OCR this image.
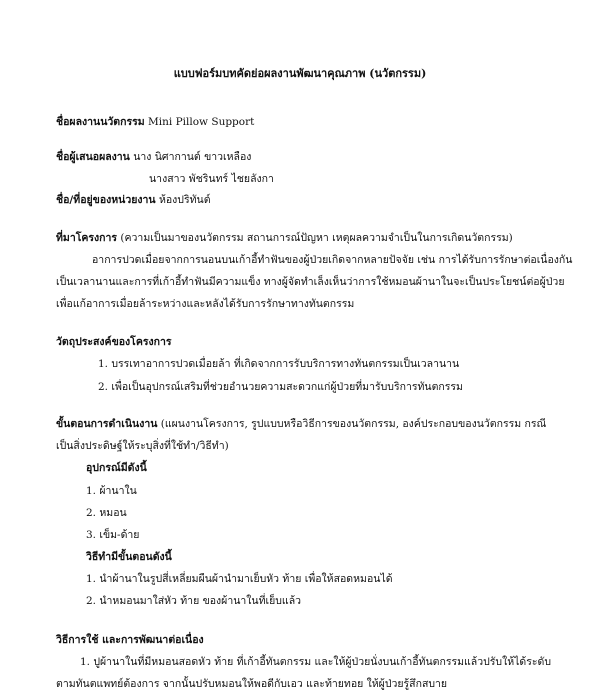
แบบฟอร์มบทคัดย่อผลงานพัฒนาคุณภาพ (นวัตกรรม)
ชื่อผลงานนวัตกรรม Mini Pillow Support
ชื่อผู้เสนอผลงาน นาง นิศากานต์ ขาวเหลือง
นางสาว พัชรินทร์ ไชยลังกา
ชื่อ/ที่อยู่ของหน่วยงาน ห้องปริทันต์
ที่มาโครงการ (ความเป็นมาของนวัตกรรม สถานการณ์ปัญหา เหตุผลความจำเป็นในการเกิดนวัตกรรม)
อาการปวดเมื่อยจากการนอนบนเก้าอี้ทำฟันของผู้ป่วยเกิดจากหลายปัจจัย เช่น การได้รับการรักษาต่อเนื่องกัน
เป็นเวลานานและการที่เก้าอี้ทำฟันมีความแข็ง ทางผู้จัดทำเล็งเห็นว่าการใช้หมอนผ้านาในจะเป็นประโยชน์ต่อผู้ป่วย
เพื่อแก้อาการเมื่อยล้าระหว่างและหลังได้รับการรักษาทางทันตกรรม
วัตถุประสงค์ของโครงการ
1. บรรเทาอาการปวดเมื่อยล้า ที่เกิดจากการรับบริการทางทันตกรรมเป็นเวลานาน
2. เพื่อเป็นอุปกรณ์เสริมที่ช่วยอำนวยความสะดวกแก่ผู้ป่วยที่มารับบริการทันตกรรม
ขั้นตอนการดำเนินงาน (แผนงานโครงการ, รูปแบบหรือวิธีการของนวัตกรรม, องค์ประกอบของนวัตกรรม กรณี
เป็นสิ่งประดิษฐ์ให้ระบุสิ่งที่ใช้ทำ/วิธีทำ)
อุปกรณ์มีดังนี้
1. ผ้านาใน
2. หมอน
3. เข็ม-ด้าย
วิธีทำมีขั้นตอนดังนี้
1. นำผ้านาในรูปสี่เหลี่ยมผืนผ้านำมาเย็บหัว ท้าย เพื่อให้สอดหมอนได้
2. นำหมอนมาใส่หัว ท้าย ของผ้านาในที่เย็บแล้ว
วิธีการใช้ และการพัฒนาต่อเนื่อง
1. ปูผ้านาในที่มีหมอนสอดหัว ท้าย ที่เก้าอี้ทันตกรรม และให้ผู้ป่วยนั่งบนเก้าอี้ทันตกรรมแล้วปรับให้ได้ระดับ
ตามทันตแพทย์ต้องการ จากนั้นปรับหมอนให้พอดีกับเอว และท้ายทอย ให้ผู้ป่วยรู้สึกสบาย
